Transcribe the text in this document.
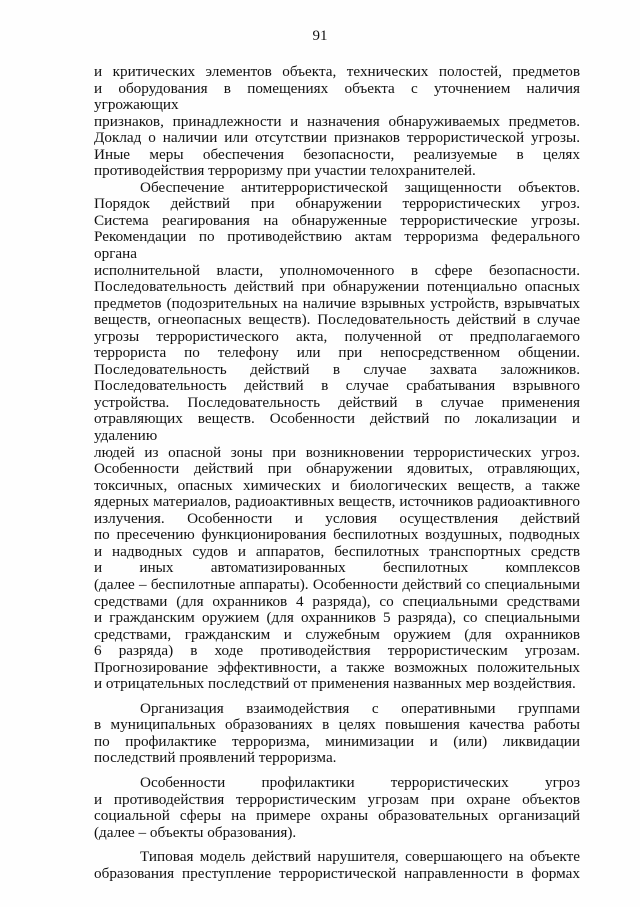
91

и критических элементов объекта, технических полостей, предметов

и оборудования в помещениях объекта с уточнением наличия угрожающих

признаков, принадлежности и назначения обнаруживаемых предметов.

Доклад о наличии или отсутствии признаков террористической угрозы.

Иные меры обеспечения безопасности, реализуемые в целях

противодействия терроризму при участии телохранителей.

Обеспечение антитеррористической защищенности объектов.

Порядок действий при обнаружении террористических угроз.

Система реагирования на обнаруженные террористические угрозы.

Рекомендации по противодействию актам терроризма федерального органа

исполнительной власти, уполномоченного в сфере безопасности.

Последовательность действий при обнаружении потенциально опасных

предметов (подозрительных на наличие взрывных устройств, взрывчатых

веществ, огнеопасных веществ). Последовательность действий в случае

угрозы террористического акта, полученной от предполагаемого

террориста по телефону или при непосредственном общении.

Последовательность действий в случае захвата заложников.

Последовательность действий в случае срабатывания взрывного

устройства. Последовательность действий в случае применения

отравляющих веществ. Особенности действий по локализации и удалению

людей из опасной зоны при возникновении террористических угроз.

Особенности действий при обнаружении ядовитых, отравляющих,

токсичных, опасных химических и биологических веществ, а также

ядерных материалов, радиоактивных веществ, источников радиоактивного

излучения. Особенности и условия осуществления действий

по пресечению функционирования беспилотных воздушных, подводных

и надводных судов и аппаратов, беспилотных транспортных средств

и иных автоматизированных беспилотных комплексов

(далее – беспилотные аппараты). Особенности действий со специальными

средствами (для охранников 4 разряда), со специальными средствами

и гражданским оружием (для охранников 5 разряда), со специальными

средствами, гражданским и служебным оружием (для охранников

6 разряда) в ходе противодействия террористическим угрозам.

Прогнозирование эффективности, а также возможных положительных

и отрицательных последствий от применения названных мер воздействия.

Организация взаимодействия с оперативными группами

в муниципальных образованиях в целях повышения качества работы

по профилактике терроризма, минимизации и (или) ликвидации

последствий проявлений терроризма.

Особенности профилактики террористических угроз

и противодействия террористическим угрозам при охране объектов

социальной сферы на примере охраны образовательных организаций

(далее – объекты образования).

Типовая модель действий нарушителя, совершающего на объекте

образования преступление террористической направленности в формах
